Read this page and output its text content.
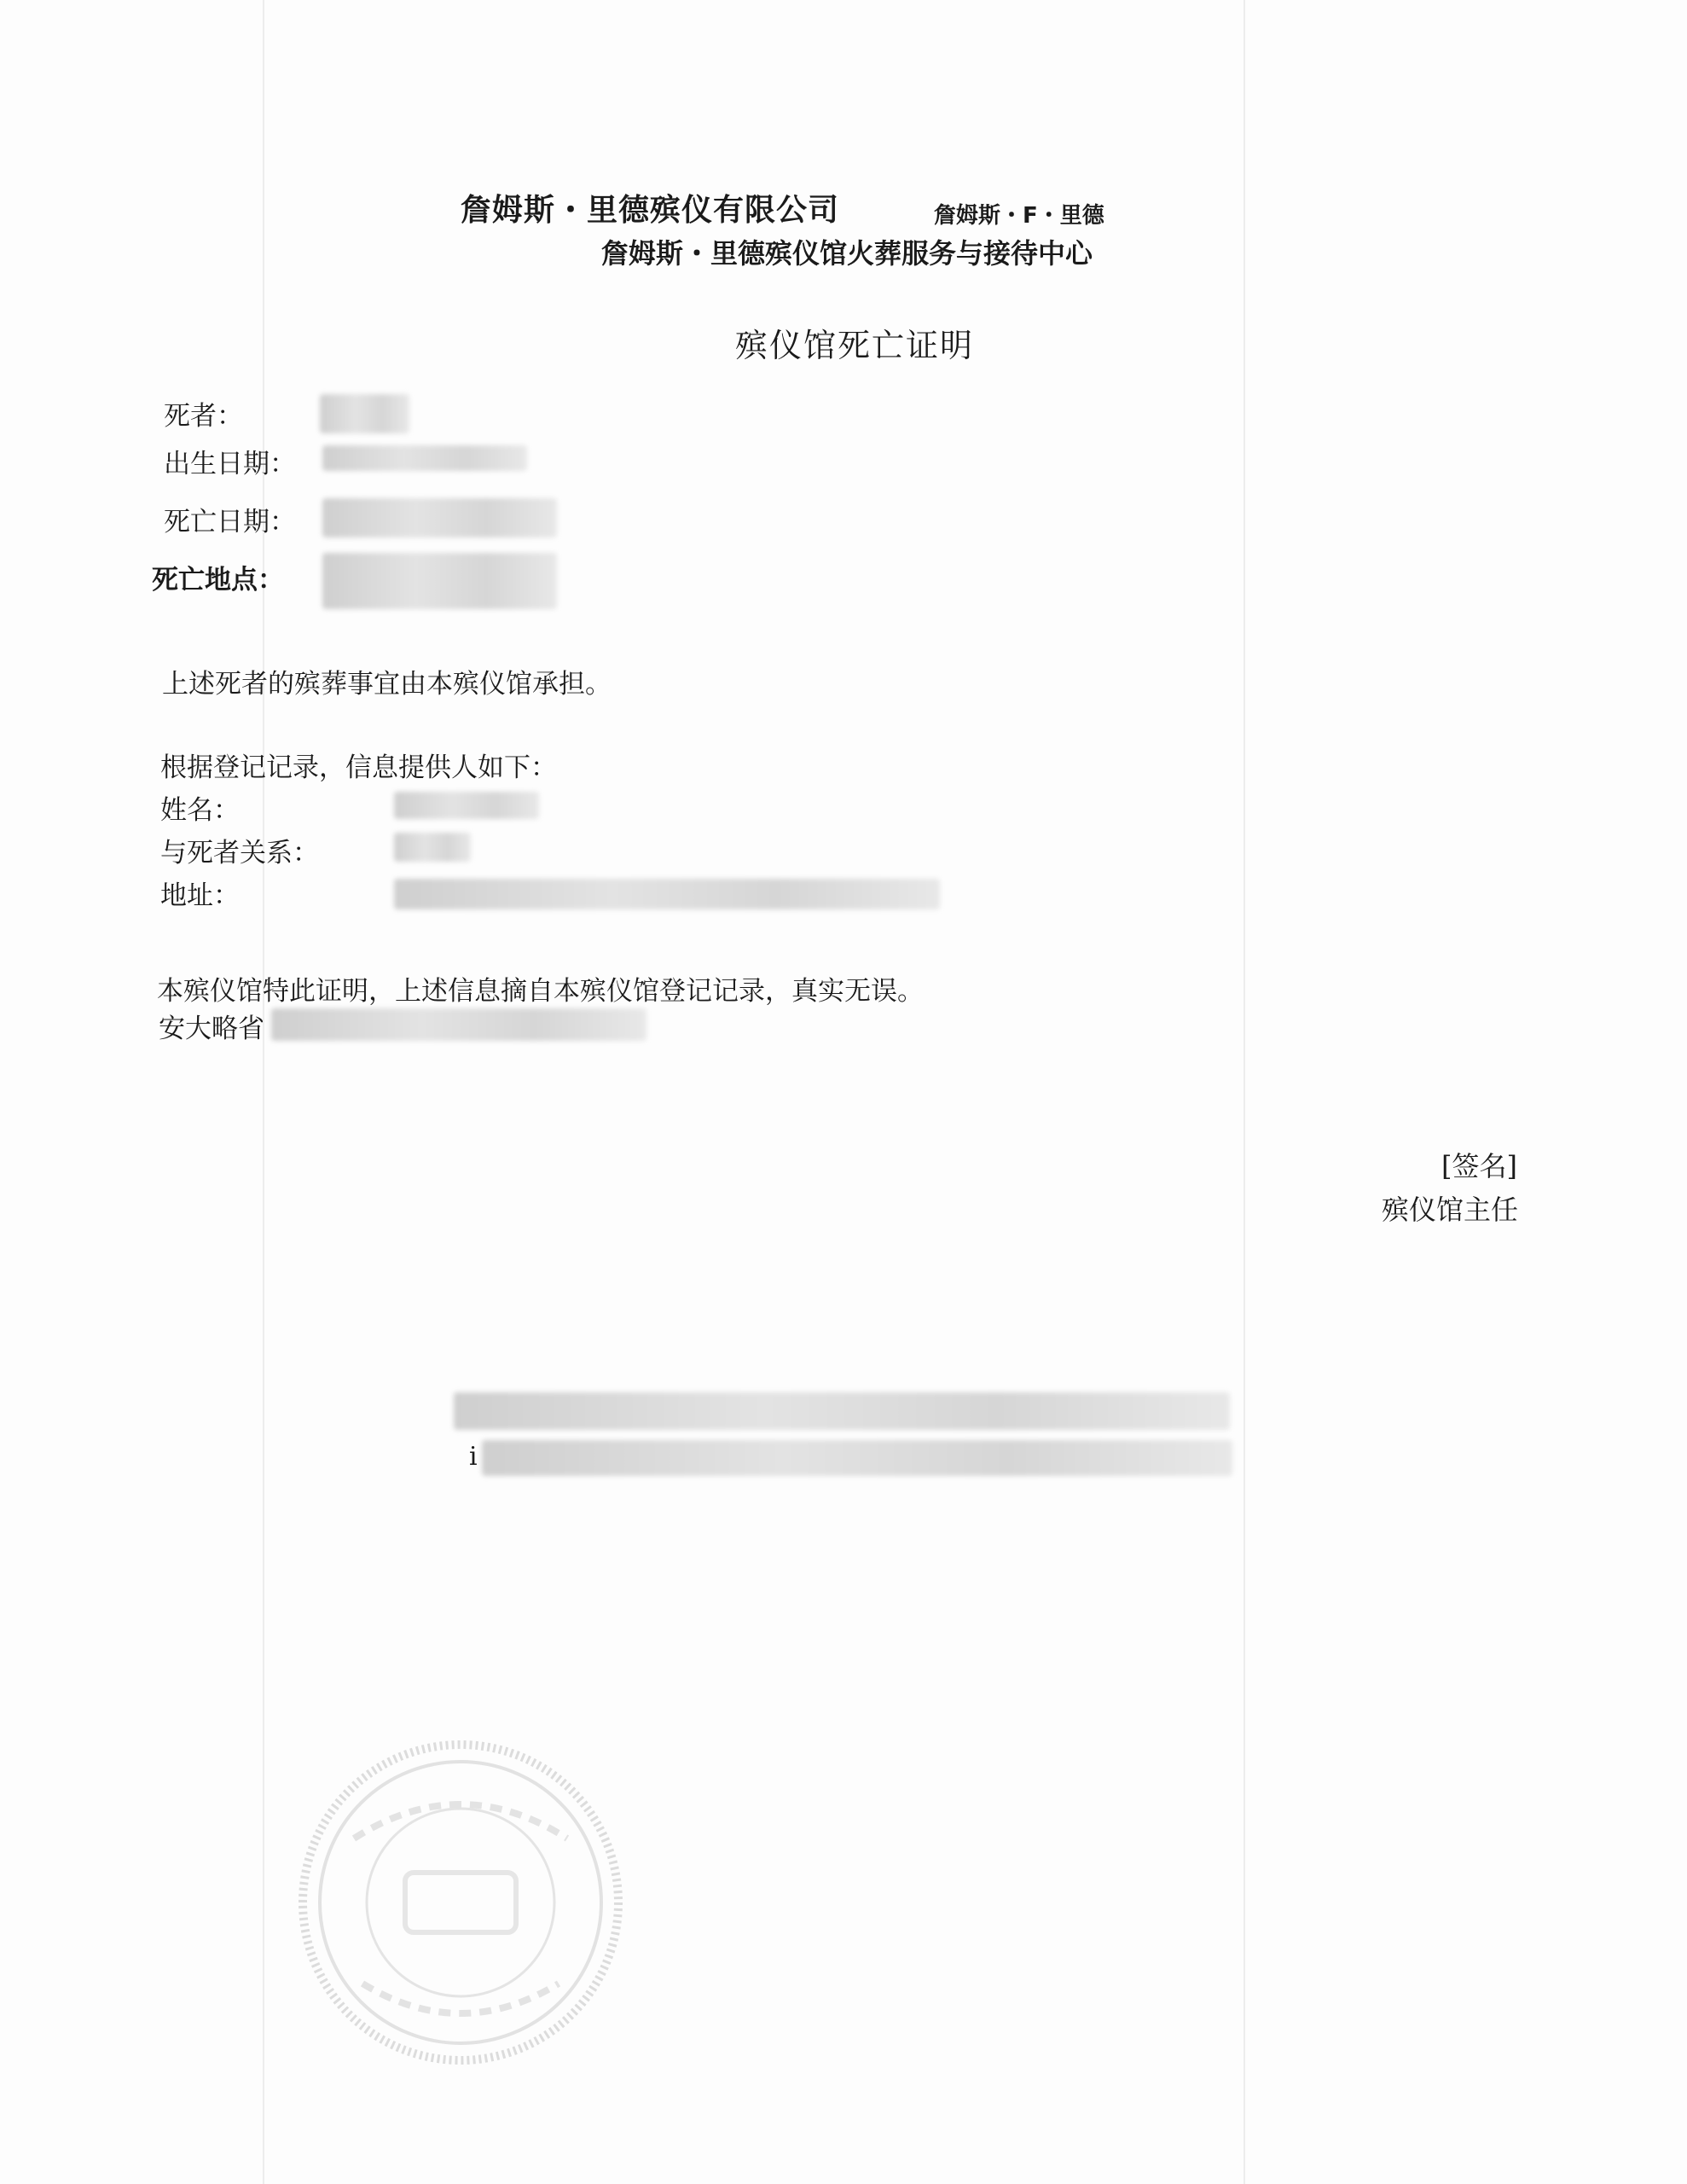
詹姆斯・里德殡仪有限公司	詹姆斯・F・里德
詹姆斯・里德殡仪馆火葬服务与接待中心
殡仪馆死亡证明
死者：
出生日期：
死亡日期：
死亡地点：
上述死者的殡葬事宜由本殡仪馆承担。
根据登记记录，信息提供人如下：
姓名：
与死者关系：
地址：
本殡仪馆特此证明，上述信息摘自本殡仪馆登记记录，真实无误。
安大略省
[签名]
殡仪馆主任
i
